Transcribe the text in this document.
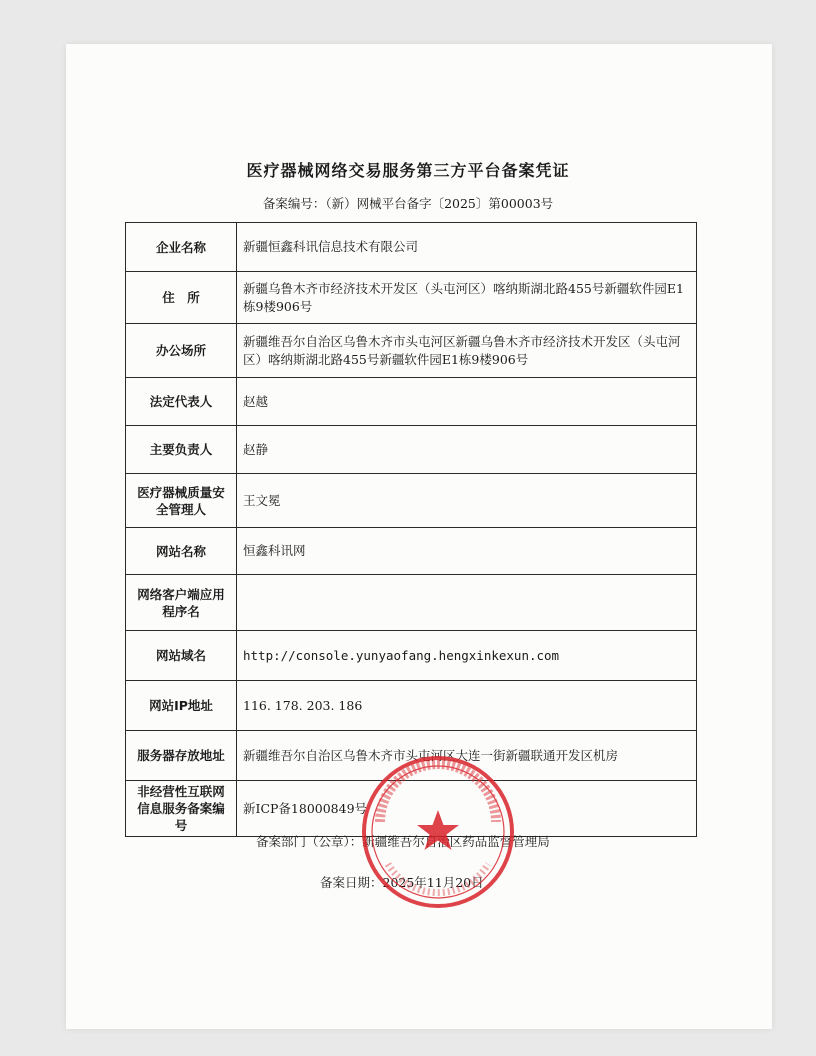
医疗器械网络交易服务第三方平台备案凭证
备案编号：（新）网械平台备字〔2025〕第00003号
企业名称	新疆恒鑫科讯信息技术有限公司
住　所	新疆乌鲁木齐市经济技术开发区（头屯河区）喀纳斯湖北路455号新疆软件园E1栋9楼906号
办公场所	新疆维吾尔自治区乌鲁木齐市头屯河区新疆乌鲁木齐市经济技术开发区（头屯河区）喀纳斯湖北路455号新疆软件园E1栋9楼906号
法定代表人	赵越
主要负责人	赵静
医疗器械质量安全管理人	王文冕
网站名称	恒鑫科讯网
网络客户端应用程序名	
网站域名	http://console.yunyaofang.hengxinkexun.com
网站IP地址	116. 178. 203. 186
服务器存放地址	新疆维吾尔自治区乌鲁木齐市头屯河区大连一街新疆联通开发区机房
非经营性互联网信息服务备案编号	新ICP备18000849号
备案部门（公章）：新疆维吾尔自治区药品监督管理局
备案日期：2025年11月20日
